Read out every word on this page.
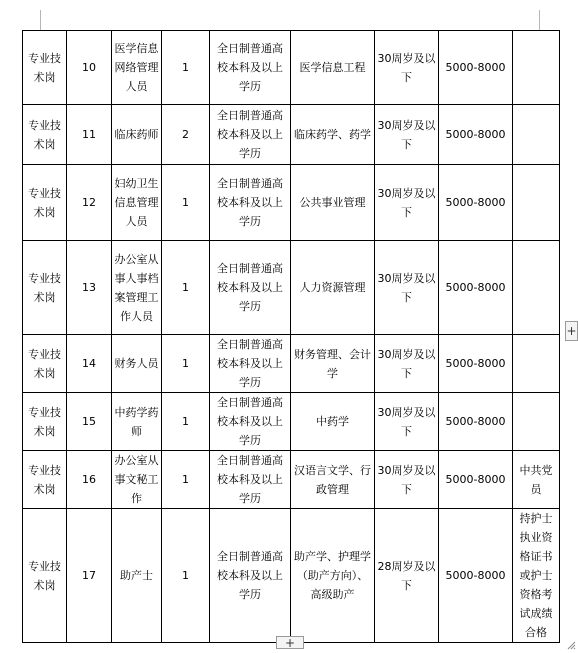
专业技术岗	10	医学信息网络管理人员	1	全日制普通高校本科及以上学历	医学信息工程	30周岁及以下	5000-8000	
专业技术岗	11	临床药师	2	全日制普通高校本科及以上学历	临床药学、药学	30周岁及以下	5000-8000	
专业技术岗	12	妇幼卫生信息管理人员	1	全日制普通高校本科及以上学历	公共事业管理	30周岁及以下	5000-8000	
专业技术岗	13	办公室从事人事档案管理工作人员	1	全日制普通高校本科及以上学历	人力资源管理	30周岁及以下	5000-8000	
专业技术岗	14	财务人员	1	全日制普通高校本科及以上学历	财务管理、会计学	30周岁及以下	5000-8000	
专业技术岗	15	中药学药师	1	全日制普通高校本科及以上学历	中药学	30周岁及以下	5000-8000	
专业技术岗	16	办公室从事文秘工作	1	全日制普通高校本科及以上学历	汉语言文学、行政管理	30周岁及以下	5000-8000	中共党员
专业技术岗	17	助产士	1	全日制普通高校本科及以上学历	助产学、护理学（助产方向）、高级助产	28周岁及以下	5000-8000	持护士执业资格证书或护士资格考试成绩合格
+
+
